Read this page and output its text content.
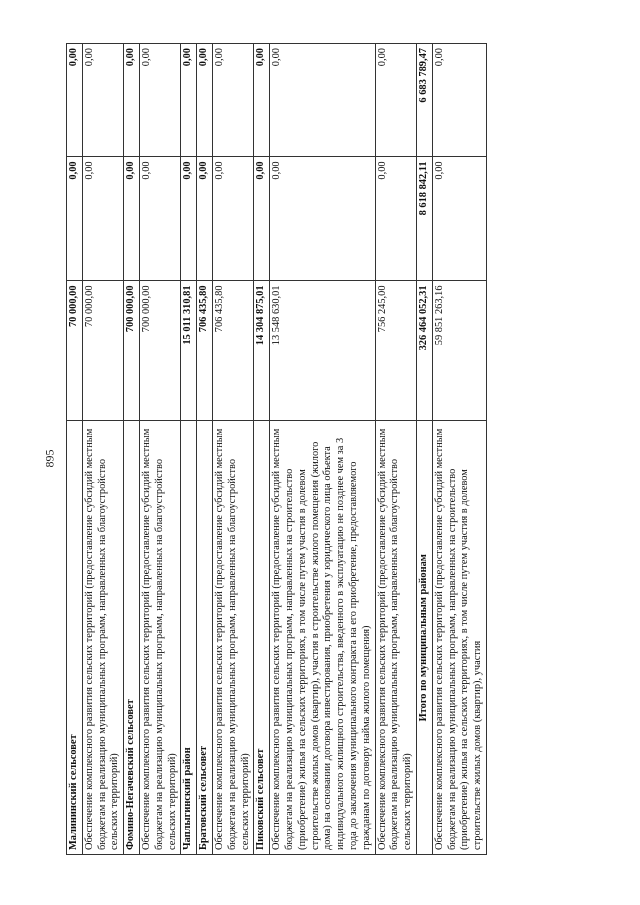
895
Малининский сельсовет	70 000,00	0,00	0,00

Обеспечение комплексного развития сельских территорий (предоставление субсидий местным бюджетам на реализацию муниципальных программ, направленных на благоустройство сельских территорий)	70 000,00	0,00	0,00

Фомино-Негачевский сельсовет	700 000,00	0,00	0,00

Обеспечение комплексного развития сельских территорий (предоставление субсидий местным бюджетам на реализацию муниципальных программ, направленных на благоустройство сельских территорий)	700 000,00	0,00	0,00

Чаплыгинский район	15 011 310,81	0,00	0,00

Братовский сельсовет	706 435,80	0,00	0,00

Обеспечение комплексного развития сельских территорий (предоставление субсидий местным бюджетам на реализацию муниципальных программ, направленных на благоустройство сельских территорий)	706 435,80	0,00	0,00

Пиковский сельсовет	14 304 875,01	0,00	0,00

Обеспечение комплексного развития сельских территорий (предоставление субсидий местным бюджетам на реализацию муниципальных программ, направленных на строительство (приобретение) жилья на сельских территориях, в том числе путем участия в долевом строительстве жилых домов (квартир), участия в строительстве жилого помещения (жилого дома) на основании договора инвестирования, приобретения у юридического лица объекта индивидуального жилищного строительства, введенного в эксплуатацию не позднее чем за 3 года до заключения муниципального контракта на его приобретение, предоставляемого гражданам по договору найма жилого помещения)	13 548 630,01	0,00	0,00

Обеспечение комплексного развития сельских территорий (предоставление субсидий местным бюджетам на реализацию муниципальных программ, направленных на благоустройство сельских территорий)	756 245,00	0,00	0,00

Итого по муниципальным районам	326 464 052,31	8 618 842,11	6 683 789,47

Обеспечение комплексного развития сельских территорий (предоставление субсидий местным бюджетам на реализацию муниципальных программ, направленных на строительство (приобретение) жилья на сельских территориях, в том числе путем участия в долевом строительстве жилых домов (квартир), участия	59 851 263,16	0,00	0,00
